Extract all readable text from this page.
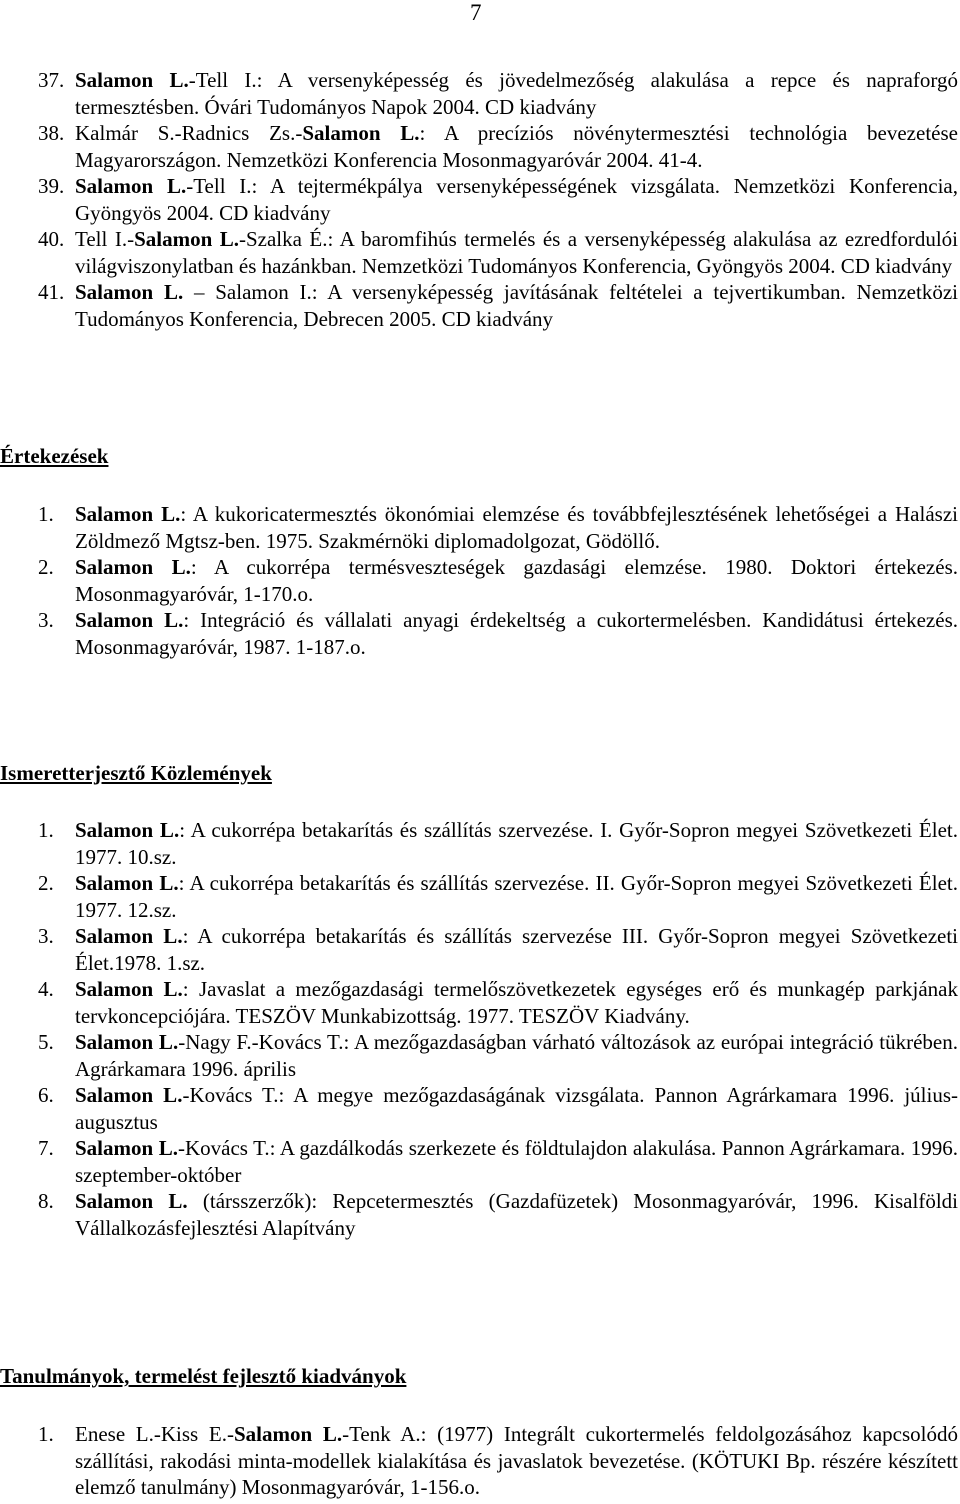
7
37. Salamon L.-Tell I.: A versenyképesség és jövedelmezőség alakulása a repce és napraforgó termesztésben. Óvári Tudományos Napok 2004. CD kiadvány
38. Kalmár S.-Radnics Zs.-Salamon L.: A precíziós növénytermesztési technológia bevezetése Magyarországon. Nemzetközi Konferencia Mosonmagyaróvár 2004. 41-4.
39. Salamon L.-Tell I.: A tejtermékpálya versenyképességének vizsgálata. Nemzetközi Konferencia, Gyöngyös 2004. CD kiadvány
40. Tell I.-Salamon L.-Szalka É.: A baromfihús termelés és a versenyképesség alakulása az ezredfordulói világviszonylatban és hazánkban. Nemzetközi Tudományos Konferencia, Gyöngyös 2004. CD kiadvány
41. Salamon L. – Salamon I.: A versenyképesség javításának feltételei a tejvertikumban. Nemzetközi Tudományos Konferencia, Debrecen 2005. CD kiadvány
Értekezések
1. Salamon L.: A kukoricatermesztés ökonómiai elemzése és továbbfejlesztésének lehetőségei a Halászi Zöldmező Mgtsz-ben. 1975. Szakmérnöki diplomadolgozat, Gödöllő.
2. Salamon L.: A cukorrépa termésveszteségek gazdasági elemzése. 1980. Doktori értekezés. Mosonmagyaróvár, 1-170.o.
3. Salamon L.: Integráció és vállalati anyagi érdekeltség a cukortermelésben. Kandidátusi értekezés. Mosonmagyaróvár, 1987. 1-187.o.
Ismeretterjesztő Közlemények
1. Salamon L.: A cukorrépa betakarítás és szállítás szervezése. I. Győr-Sopron megyei Szövetkezeti Élet. 1977. 10.sz.
2. Salamon L.: A cukorrépa betakarítás és szállítás szervezése. II. Győr-Sopron megyei Szövetkezeti Élet. 1977. 12.sz.
3. Salamon L.: A cukorrépa betakarítás és szállítás szervezése III. Győr-Sopron megyei Szövetkezeti Élet.1978. 1.sz.
4. Salamon L.: Javaslat a mezőgazdasági termelőszövetkezetek egységes erő és munkagép parkjának tervkoncepciójára. TESZÖV Munkabizottság. 1977. TESZÖV Kiadvány.
5. Salamon L.-Nagy F.-Kovács T.: A mezőgazdaságban várható változások az európai integráció tükrében. Agrárkamara 1996. április
6. Salamon L.-Kovács T.: A megye mezőgazdaságának vizsgálata. Pannon Agrárkamara 1996. július-augusztus
7. Salamon L.-Kovács T.: A gazdálkodás szerkezete és földtulajdon alakulása. Pannon Agrárkamara. 1996. szeptember-október
8. Salamon L. (társszerzők): Repcetermesztés (Gazdafüzetek) Mosonmagyaróvár, 1996. Kisalföldi Vállalkozásfejlesztési Alapítvány
Tanulmányok, termelést fejlesztő kiadványok
1. Enese L.-Kiss E.-Salamon L.-Tenk A.: (1977) Integrált cukortermelés feldolgozásához kapcsolódó szállítási, rakodási minta-modellek kialakítása és javaslatok bevezetése. (KÖTUKI Bp. részére készített elemző tanulmány) Mosonmagyaróvár, 1-156.o.
